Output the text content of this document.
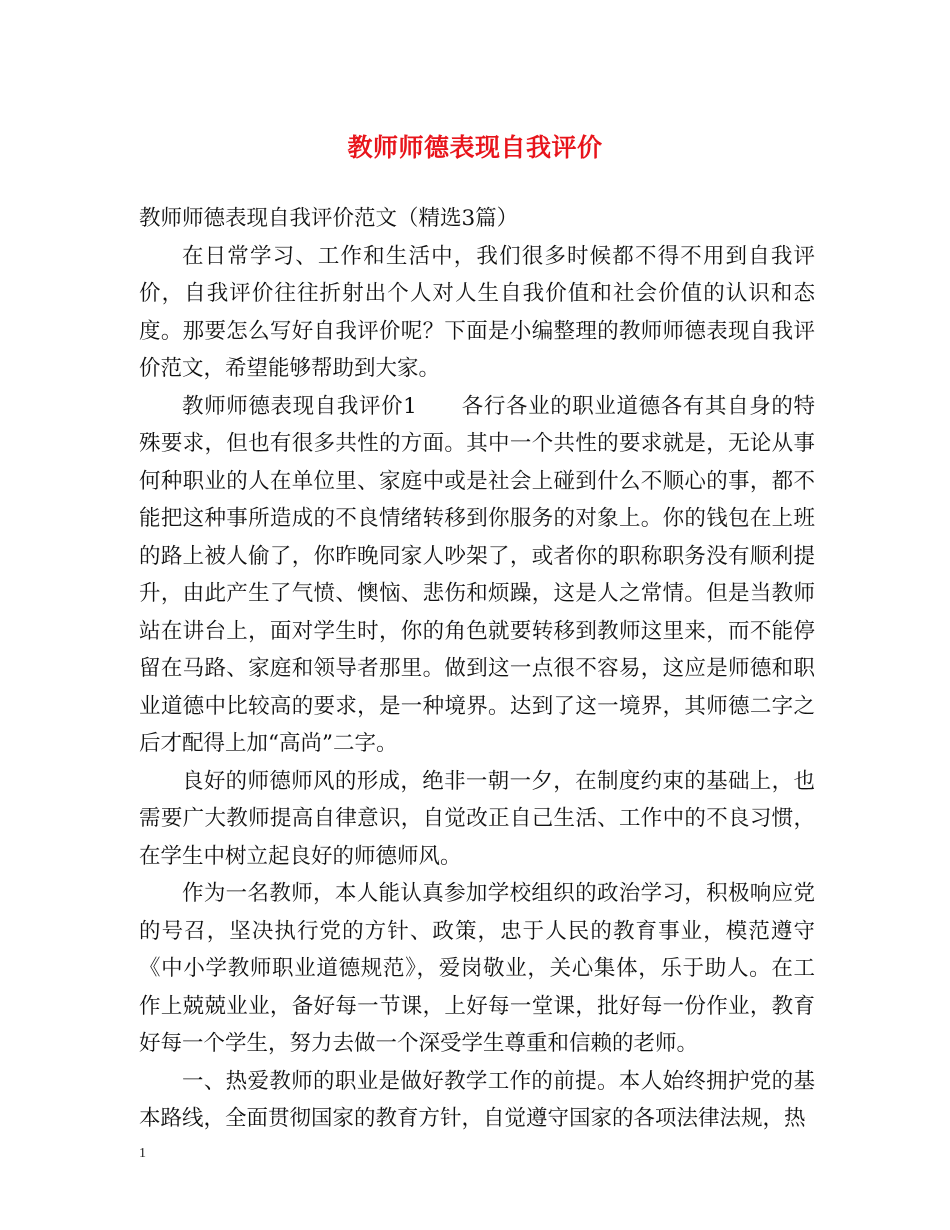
教师师德表现自我评价

教师师德表现自我评价范文（精选3篇）

在日常学习、工作和生活中，我们很多时候都不得不用到自我评价，自我评价往往折射出个人对人生自我价值和社会价值的认识和态度。那要怎么写好自我评价呢？下面是小编整理的教师师德表现自我评价范文，希望能够帮助到大家。

教师师德表现自我评价1　　各行各业的职业道德各有其自身的特殊要求，但也有很多共性的方面。其中一个共性的要求就是，无论从事何种职业的人在单位里、家庭中或是社会上碰到什么不顺心的事，都不能把这种事所造成的不良情绪转移到你服务的对象上。你的钱包在上班的路上被人偷了，你昨晚同家人吵架了，或者你的职称职务没有顺利提升，由此产生了气愤、懊恼、悲伤和烦躁，这是人之常情。但是当教师站在讲台上，面对学生时，你的角色就要转移到教师这里来，而不能停留在马路、家庭和领导者那里。做到这一点很不容易，这应是师德和职业道德中比较高的要求，是一种境界。达到了这一境界，其师德二字之后才配得上加“高尚”二字。

良好的师德师风的形成，绝非一朝一夕，在制度约束的基础上，也需要广大教师提高自律意识，自觉改正自己生活、工作中的不良习惯，在学生中树立起良好的师德师风。

作为一名教师，本人能认真参加学校组织的政治学习，积极响应党的号召，坚决执行党的方针、政策，忠于人民的教育事业，模范遵守《中小学教师职业道德规范》，爱岗敬业，关心集体，乐于助人。在工作上兢兢业业，备好每一节课，上好每一堂课，批好每一份作业，教育好每一个学生，努力去做一个深受学生尊重和信赖的老师。

一、热爱教师的职业是做好教学工作的前提。本人始终拥护党的基本路线，全面贯彻国家的教育方针，自觉遵守国家的各项法律法规，热

1
